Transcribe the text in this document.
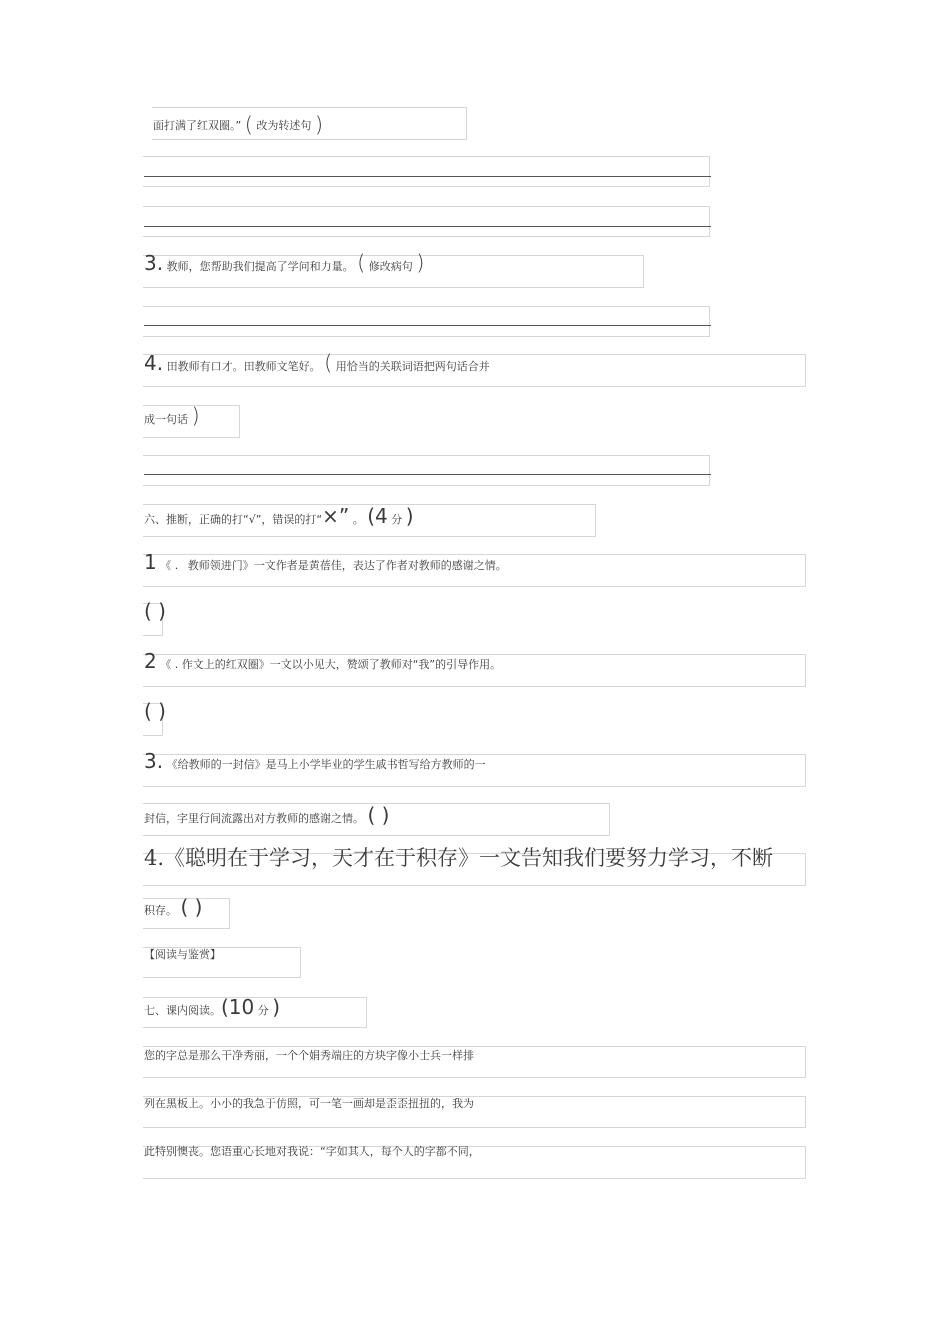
面打满了红双圈。” ( 改为转述句 )
3. 教师，您帮助我们提高了学问和力量。 ( 修改病句 )
4. 田教师有口才。田教师文笔好。 ( 用恰当的关联词语把两句话合并
成一句话 )
六、推断，正确的打“√”，错误的打“×” 。 (4 分 )
1 《 . 教师领进门》一文作者是黄蓓佳，表达了作者对教师的感谢之情。
( )
2 《 . 作文上的红双圈》一文以小见大，赞颂了教师对“我”的引导作用。
( )
3. 《给教师的一封信》是马上小学毕业的学生戚书哲写给方教师的一
封信，字里行间流露出对方教师的感谢之情。 ( )
4.《聪明在于学习，天才在于积存》一文告知我们要努力学习，不断
积存。 ( )
【阅读与鉴赏】
七、课内阅读。(10 分 )
您的字总是那么干净秀丽，一个个娟秀端庄的方块字像小士兵一样排
列在黑板上。小小的我急于仿照，可一笔一画却是歪歪扭扭的，我为
此特别懊丧。您语重心长地对我说：“字如其人，每个人的字都不同，
